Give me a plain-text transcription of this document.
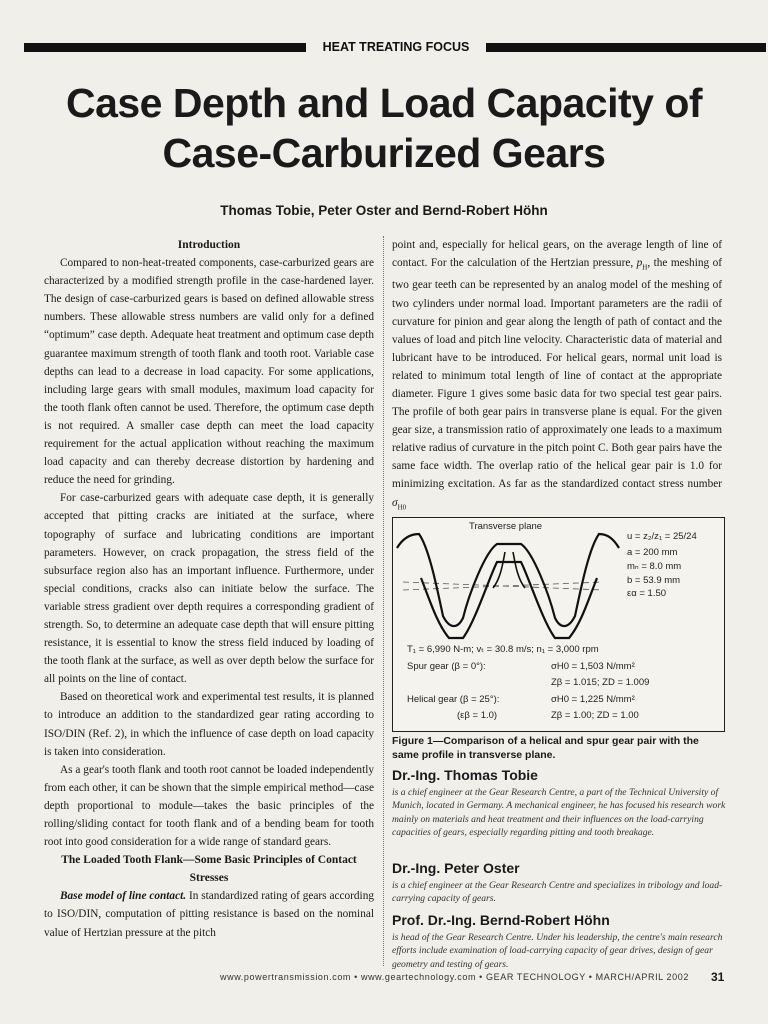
HEAT TREATING FOCUS
Case Depth and Load Capacity of
Case-Carburized Gears
Thomas Tobie, Peter Oster and Bernd-Robert Höhn
Introduction

Compared to non-heat-treated components, case-carburized gears are characterized by a modified strength profile in the case-hardened layer. The design of case-carburized gears is based on defined allowable stress numbers. These allowable stress numbers are valid only for a defined “optimum” case depth. Adequate heat treatment and optimum case depth guarantee maximum strength of tooth flank and tooth root. Variable case depths can lead to a decrease in load capacity. For some applications, including large gears with small modules, maximum load capacity for the tooth flank often cannot be used. Therefore, the optimum case depth is not required. A smaller case depth can meet the load capacity requirement for the actual application without reaching the maximum load capacity and can thereby decrease distortion by hardening and reduce the need for grinding.

For case-carburized gears with adequate case depth, it is generally accepted that pitting cracks are initiated at the surface, where topography of surface and lubricating conditions are important parameters. However, on crack propagation, the stress field of the subsurface region also has an important influence. Furthermore, under special conditions, cracks also can initiate below the surface. The variable stress gradient over depth requires a corresponding gradient of strength. So, to determine an adequate case depth that will ensure pitting resistance, it is essential to know the stress field induced by loading of the tooth flank at the surface, as well as over depth below the surface for all points on the line of contact.

Based on theoretical work and experimental test results, it is planned to introduce an addition to the standardized gear rating according to ISO/DIN (Ref. 2), in which the influence of case depth on load capacity is taken into consideration.

As a gear's tooth flank and tooth root cannot be loaded independently from each other, it can be shown that the simple empirical method—case depth proportional to module—takes the basic principles of the rolling/sliding contact for tooth flank and of a bending beam for tooth root into good consideration for a wide range of standard gears.

The Loaded Tooth Flank—Some Basic Principles of Contact Stresses

Base model of line contact. In standardized rating of gears according to ISO/DIN, computation of pitting resistance is based on the nominal value of Hertzian pressure at the pitch

point and, especially for helical gears, on the average length of line of contact. For the calculation of the Hertzian pressure, $p_H$, the meshing of two gear teeth can be represented by an analog model of the meshing of two cylinders under normal load. Important parameters are the radii of curvature for pinion and gear along the length of path of contact and the values of load and pitch line velocity. Characteristic data of material and lubricant have to be introduced. For helical gears, normal unit load is related to minimum total length of line of contact at the appropriate diameter. Figure 1 gives some basic data for two special test gear pairs. The profile of both gear pairs in transverse plane is equal. For the given gear size, a transmission ratio of approximately one leads to a maximum relative radius of curvature in the pitch point C. Both gear pairs have the same face width. The overlap ratio of the helical gear pair is 1.0 for minimizing excitation. As far as the standardized contact stress number $\sigma_{H0}$

Transverse plane
u = z₂/z₁ = 25/24
a = 200 mm
mₙ = 8.0 mm
b = 53.9 mm
εα = 1.50
T₁ = 6,990 N-m; vₜ = 30.8 m/s; n₁ = 3,000 rpm
Spur gear (β = 0°):	σH0 = 1,503 N/mm²
Zβ = 1.015; ZD = 1.009
Helical gear (β = 25°):
(εβ = 1.0)
σH0 = 1,225 N/mm²
Zβ = 1.00; ZD = 1.00
Figure 1—Comparison of a helical and spur gear pair with the same profile in transverse plane.
Dr.-Ing. Thomas Tobie
is a chief engineer at the Gear Research Centre, a part of the Technical University of Munich, located in Germany. A mechanical engineer, he has focused his research work mainly on materials and heat treatment and their influences on the load-carrying capacities of gears, especially regarding pitting and tooth breakage.
Dr.-Ing. Peter Oster
is a chief engineer at the Gear Research Centre and specializes in tribology and load-carrying capacity of gears.
Prof. Dr.-Ing. Bernd-Robert Höhn
is head of the Gear Research Centre. Under his leadership, the centre's main research efforts include examination of load-carrying capacity of gear drives, design of gear geometry and testing of gears.
www.powertransmission.com • www.geartechnology.com • GEAR TECHNOLOGY • MARCH/APRIL 2002 31
